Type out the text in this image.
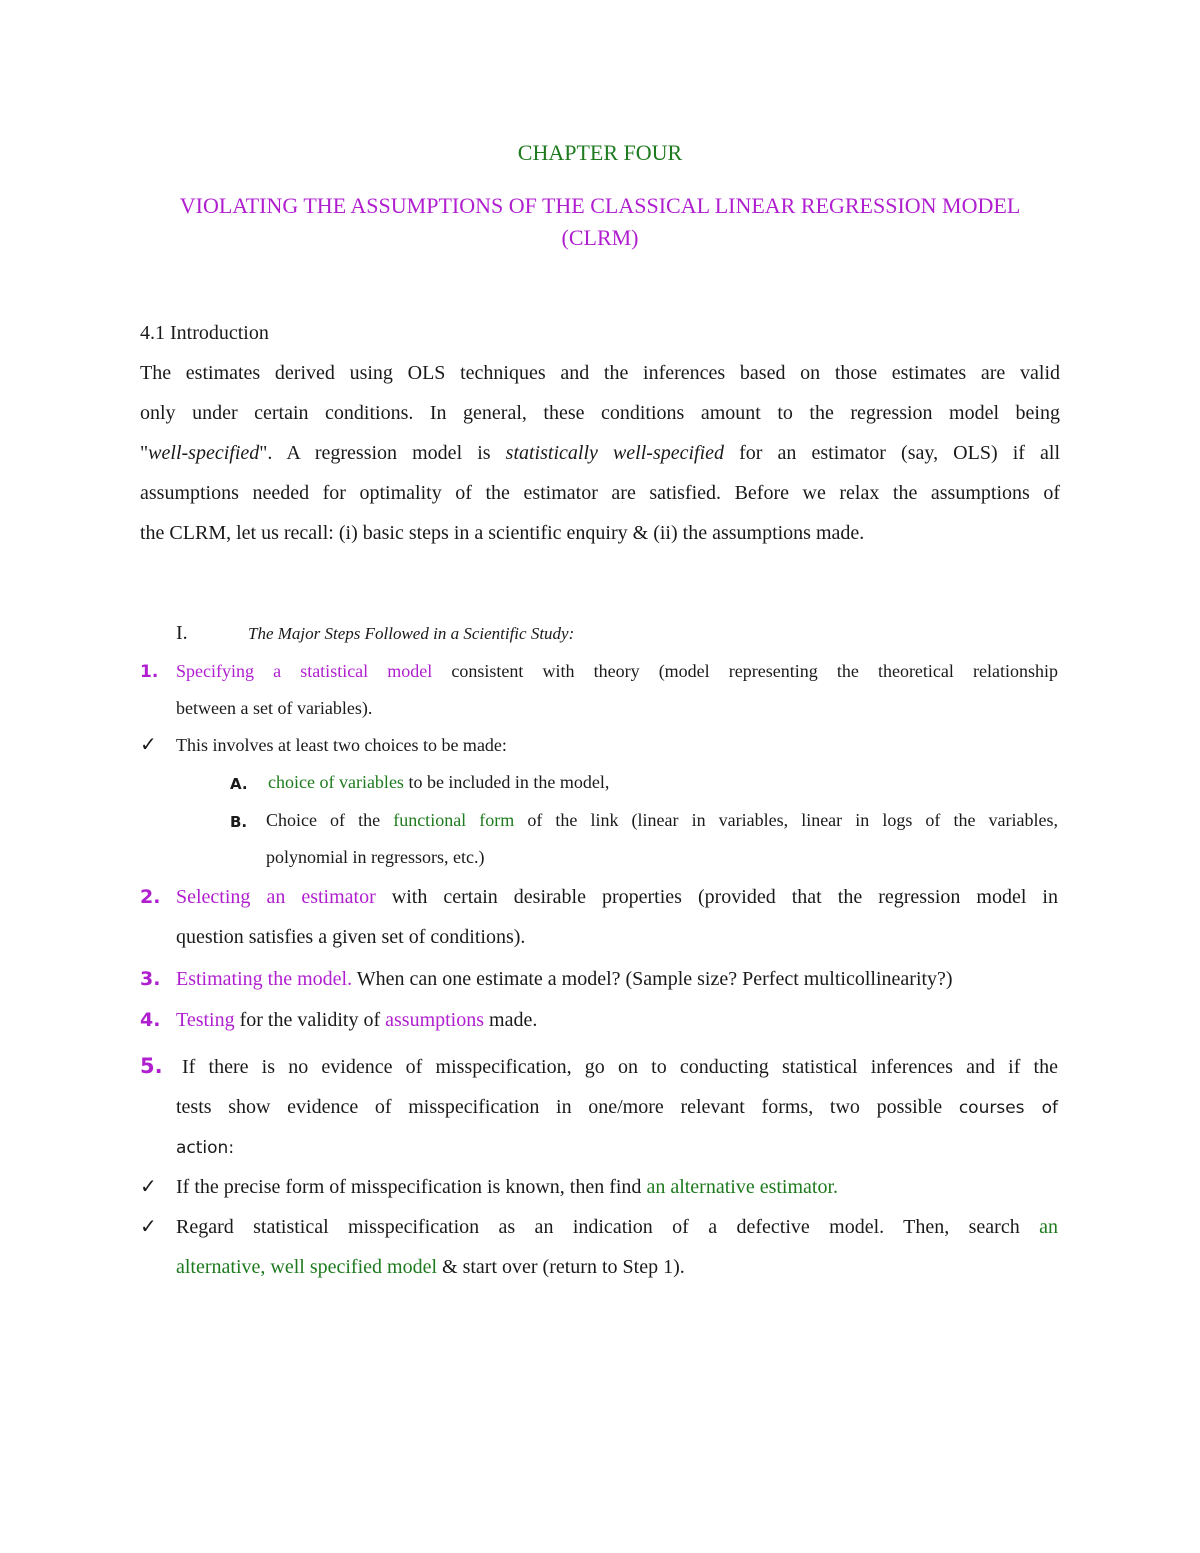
CHAPTER FOUR
VIOLATING THE ASSUMPTIONS OF THE CLASSICAL LINEAR REGRESSION MODEL (CLRM)
4.1 Introduction
The estimates derived using OLS techniques and the inferences based on those estimates are valid
only under certain conditions. In general, these conditions amount to the regression model being
"well-specified". A regression model is statistically well-specified for an estimator (say, OLS) if all
assumptions needed for optimality of the estimator are satisfied. Before we relax the assumptions of
the CLRM, let us recall: (i) basic steps in a scientific enquiry & (ii) the assumptions made.
I.	The Major Steps Followed in a Scientific Study:
1. Specifying a statistical model consistent with theory (model representing the theoretical relationship
between a set of variables).
✓ This involves at least two choices to be made:
A. choice of variables to be included in the model,
B. Choice of the functional form of the link (linear in variables, linear in logs of the variables,
polynomial in regressors, etc.)
2. Selecting an estimator with certain desirable properties (provided that the regression model in
question satisfies a given set of conditions).
3. Estimating the model. When can one estimate a model? (Sample size? Perfect multicollinearity?)
4. Testing for the validity of assumptions made.
5. If there is no evidence of misspecification, go on to conducting statistical inferences and if the
tests show evidence of misspecification in one/more relevant forms, two possible courses of
action:
✓ If the precise form of misspecification is known, then find an alternative estimator.
✓ Regard statistical misspecification as an indication of a defective model. Then, search an
alternative, well specified model & start over (return to Step 1).
